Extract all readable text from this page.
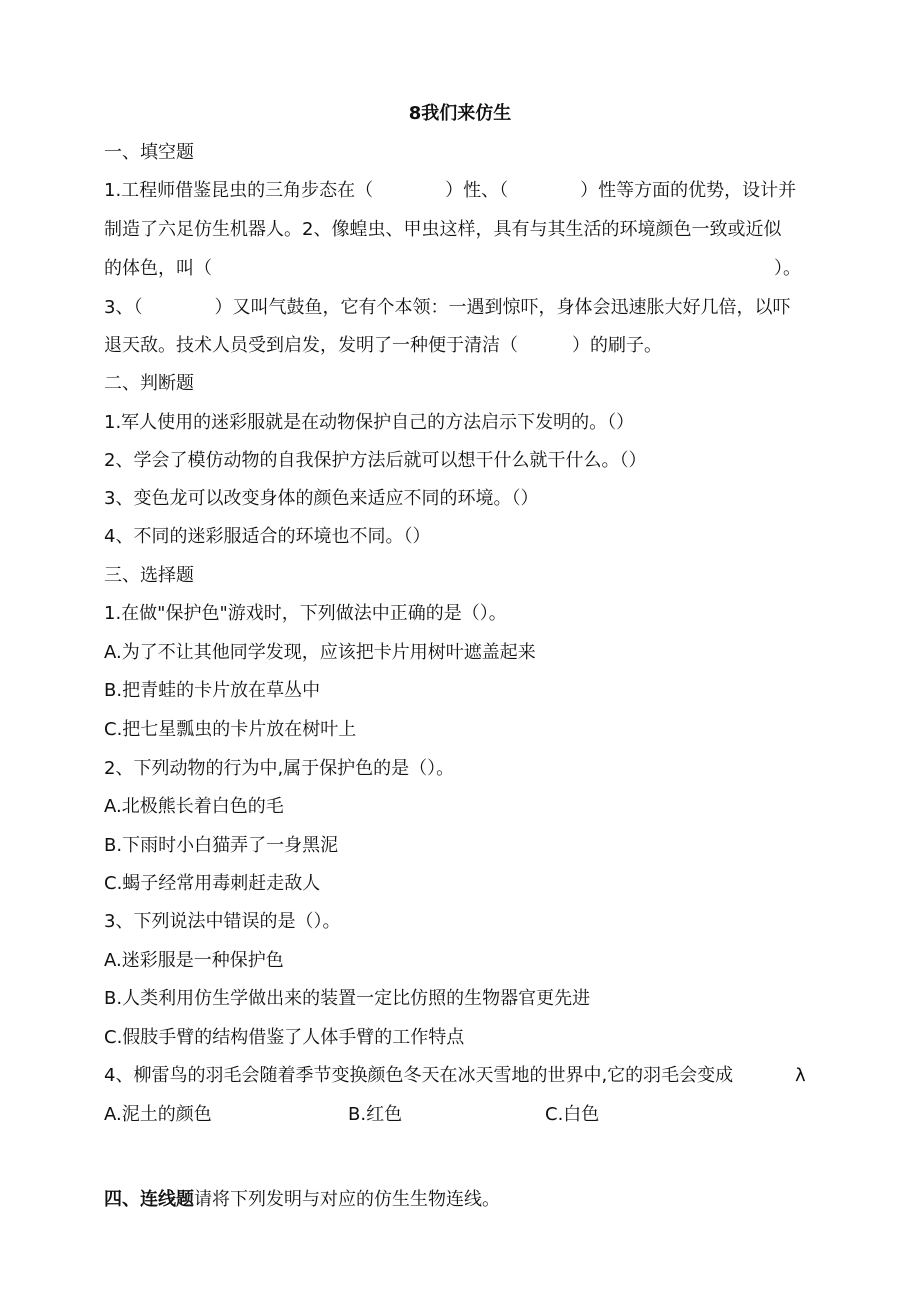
8我们来仿生
一、填空题
1.工程师借鉴昆虫的三角步态在（　　　　）性、（　　　　）性等方面的优势，设计并
制造了六足仿生机器人。2、像蝗虫、甲虫这样，具有与其生活的环境颜色一致或近似
的体色，叫（	）。
3、（　　　　）又叫气鼓鱼，它有个本领：一遇到惊吓，身体会迅速胀大好几倍，以吓
退天敌。技术人员受到启发，发明了一种便于清洁（　　　）的刷子。
二、判断题
1.军人使用的迷彩服就是在动物保护自己的方法启示下发明的。（）
2、学会了模仿动物的自我保护方法后就可以想干什么就干什么。（）
3、变色龙可以改变身体的颜色来适应不同的环境。（）
4、不同的迷彩服适合的环境也不同。（）
三、选择题
1.在做"保护色"游戏时，下列做法中正确的是（）。
A.为了不让其他同学发现，应该把卡片用树叶遮盖起来
B.把青蛙的卡片放在草丛中
C.把七星瓢虫的卡片放在树叶上
2、下列动物的行为中,属于保护色的是（）。
A.北极熊长着白色的毛
B.下雨时小白猫弄了一身黑泥
C.蝎子经常用毒刺赶走敌人
3、下列说法中错误的是（）。
A.迷彩服是一种保护色
B.人类利用仿生学做出来的装置一定比仿照的生物器官更先进
C.假肢手臂的结构借鉴了人体手臂的工作特点
4、柳雷鸟的羽毛会随着季节变换颜色冬天在冰天雪地的世界中,它的羽毛会变成	λ
A.泥土的颜色	B.红色	C.白色
四、连线题请将下列发明与对应的仿生生物连线。
